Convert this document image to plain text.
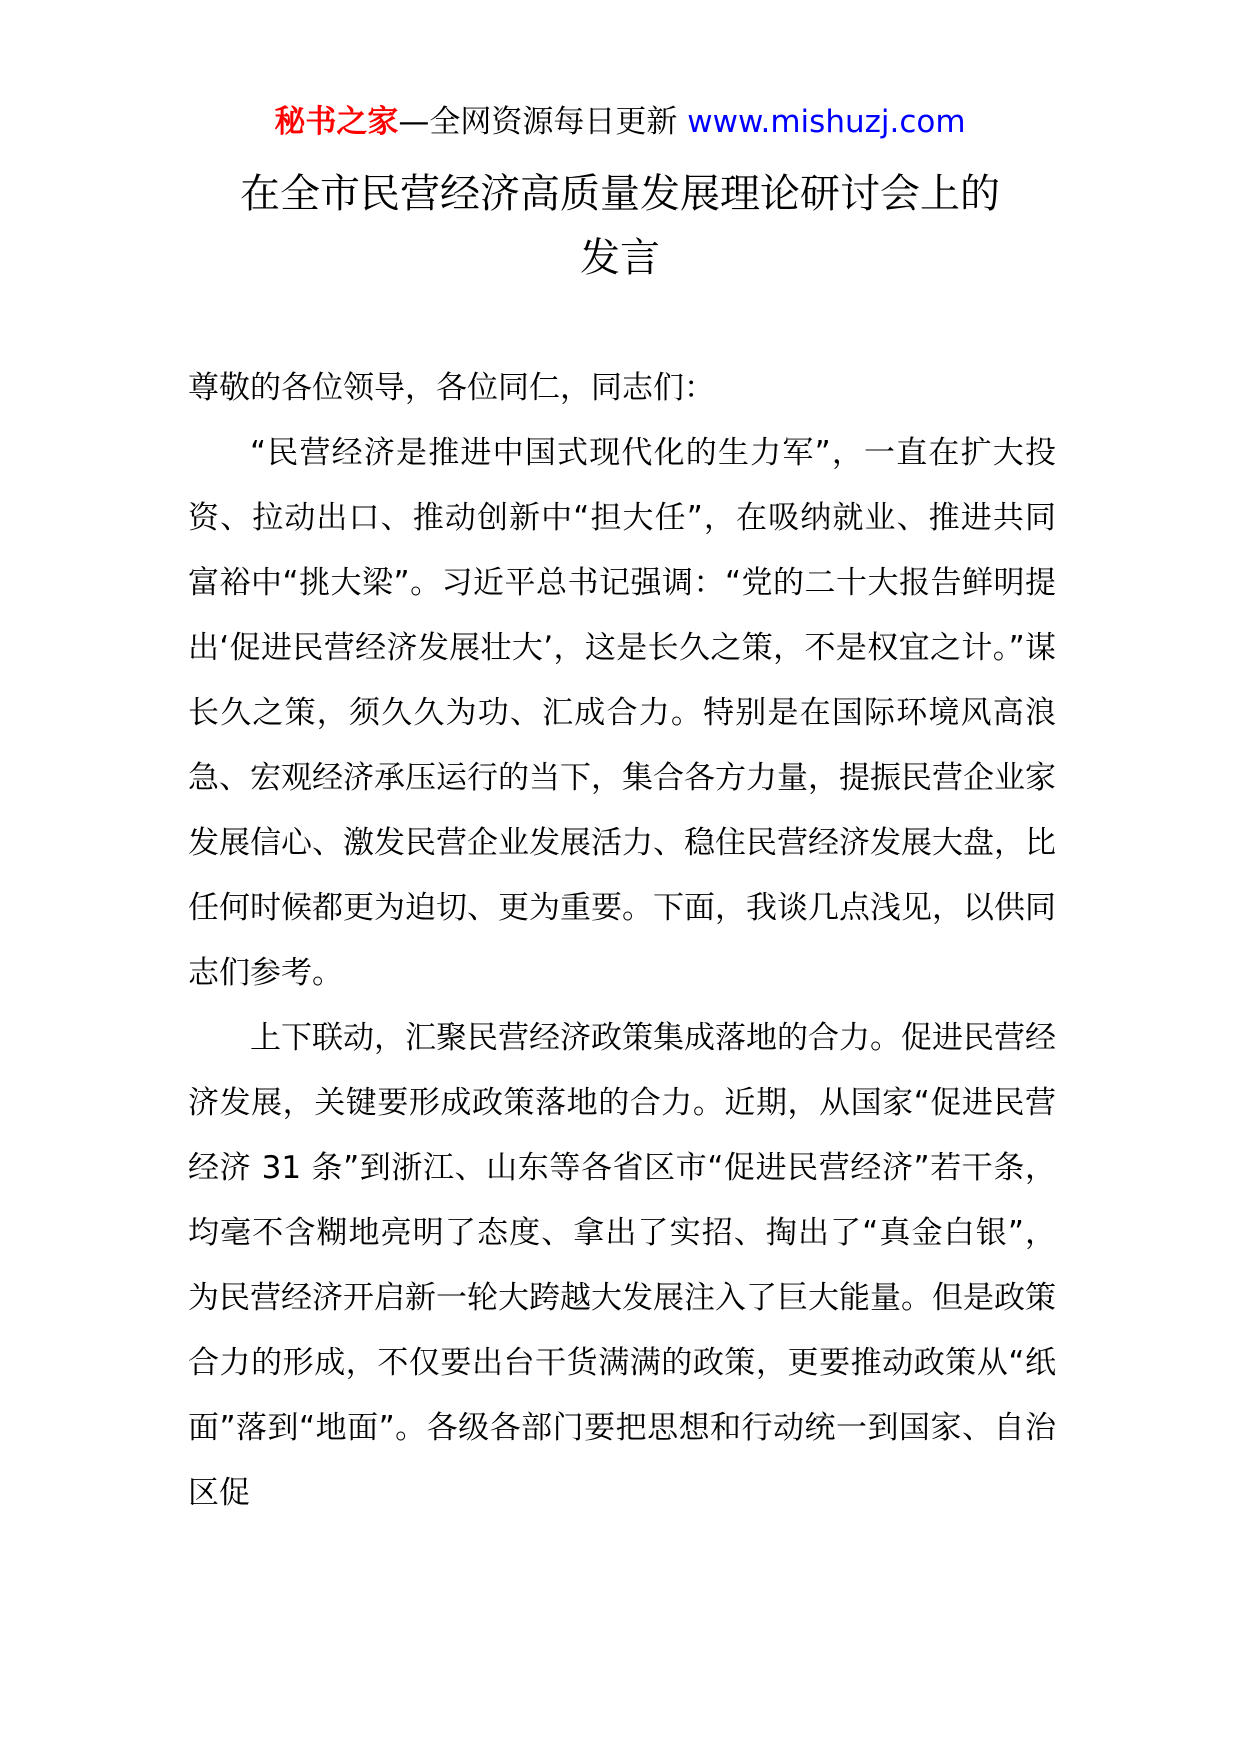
秘书之家—全网资源每日更新 www.mishuzj.com
在全市民营经济高质量发展理论研讨会上的
发言

尊敬的各位领导，各位同仁，同志们：

“民营经济是推进中国式现代化的生力军”，一直在扩大投资、拉动出口、推动创新中“担大任”，在吸纳就业、推进共同富裕中“挑大梁”。习近平总书记强调：“党的二十大报告鲜明提出‘促进民营经济发展壮大’，这是长久之策，不是权宜之计。”谋长久之策，须久久为功、汇成合力。特别是在国际环境风高浪急、宏观经济承压运行的当下，集合各方力量，提振民营企业家发展信心、激发民营企业发展活力、稳住民营经济发展大盘，比任何时候都更为迫切、更为重要。下面，我谈几点浅见，以供同志们参考。

上下联动，汇聚民营经济政策集成落地的合力。促进民营经济发展，关键要形成政策落地的合力。近期，从国家“促进民营经济 31 条”到浙江、山东等各省区市“促进民营经济”若干条，均毫不含糊地亮明了态度、拿出了实招、掏出了“真金白银”，为民营经济开启新一轮大跨越大发展注入了巨大能量。但是政策合力的形成，不仅要出台干货满满的政策，更要推动政策从“纸面”落到“地面”。各级各部门要把思想和行动统一到国家、自治区促
